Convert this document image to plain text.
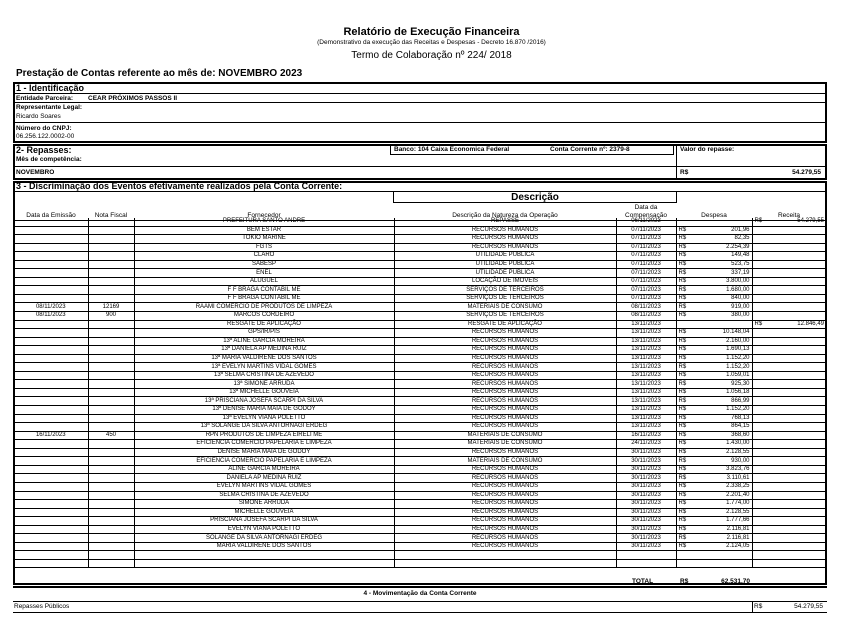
Relatório de Execução Financeira
(Demonstrativo da execução das Receitas e Despesas - Decreto 16.870 /2016)
Termo de Colaboração nº 224/ 2018
Prestação de Contas referente ao mês de: NOVEMBRO 2023
1 - Identificação
Entidade Parceira: CEAR PRÓXIMOS PASSOS II
Representante Legal:
Ricardo Soares
Número do CNPJ:
06.256.122.0002-00
2- Repasses:	Banco: 104 Caixa Economica Federal	Conta Corrente nº: 2379-8	Valor do repasse:
Mês de competência:
NOVEMBRO	R$	54.279,55
3 - Discriminação dos Eventos efetivamente realizados pela Conta Corrente:
Descrição
Data da Emissão	Nota Fiscal	Fornecedor	Descrição da Natureza da Operação
Data da Compensação	Despesa	Receita
		PREFEITURA SANTO ANDRE	REPASSE	06/11/2023		R$ 54.279,55

		BEM ESTAR	RECURSOS HUMANOS	07/11/2023	R$ 201,96	

		TOKIO MARINE	RECURSOS HUMANOS	07/11/2023	R$ 82,35	

		FGTS	RECURSOS HUMANOS	07/11/2023	R$ 2.254,39	

		CLARO	UTILIDADE PUBLICA	07/11/2023	R$ 149,48	

		SABESP	UTILIDADE PUBLICA	07/11/2023	R$ 523,75	

		ENEL	UTILIDADE PUBLICA	07/11/2023	R$ 337,19	

		ALUGUEL	LOCAÇÃO DE IMOVEIS	07/11/2023	R$ 3.800,00	

		F F BRAGA CONTABIL ME	SERVIÇOS DE TERCEIROS	07/11/2023	R$ 1.680,00	

		F F BRAGA CONTABIL ME	SERVIÇOS DE TERCEIROS	07/11/2023	R$ 840,00	

08/11/2023	12169	RAAMI COMERCIO DE PRODUTOS DE LIMPEZA	MATERIAIS DE CONSUMO	08/11/2023	R$ 919,00	

08/11/2023	900	MARCOS CORDEIRO	SERVIÇOS DE TERCEIROS	08/11/2023	R$ 380,00	

		RESGATE DE APLICAÇÃO	RESGATE DE APLICAÇÃO	13/11/2023		R$ 12.846,49

		GPS/IR/PIS	RECURSOS HUMANOS	13/11/2023	R$ 10.148,04	

		13ª ALINE GARCIA MOREIRA	RECURSOS HUMANOS	13/11/2023	R$ 2.160,00	

		13ª DANIELA AP MEDINA RUIZ	RECURSOS HUMANOS	13/11/2023	R$ 1.690,13	

		13ª MARIA VALDIRENE DOS SANTOS	RECURSOS HUMANOS	13/11/2023	R$ 1.152,20	

		13ª EVELYN MARTINS VIDAL GOMES	RECURSOS HUMANOS	13/11/2023	R$ 1.152,20	

		13ª SELMA CRISTINA DE AZEVEDO	RECURSOS HUMANOS	13/11/2023	R$ 1.059,01	

		13ª SIMONE ARRUDA	RECURSOS HUMANOS	13/11/2023	R$ 925,30	

		13ª MICHELLE GOUVEIA	RECURSOS HUMANOS	13/11/2023	R$ 1.056,18	

		13ª PRISCIANA JOSEFA SCARPI DA SILVA	RECURSOS HUMANOS	13/11/2023	R$ 866,99	

		13ª DENISE MARIA MAIA DE GODOY	RECURSOS HUMANOS	13/11/2023	R$ 1.152,20	

		13ª EVELYN VIANA POLETTO	RECURSOS HUMANOS	13/11/2023	R$ 768,13	

		13ª SOLANGE DA SILVA ANTORNAGI ERDEG	RECURSOS HUMANOS	13/11/2023	R$ 864,15	

16/11/2023	450	RPN PRODUTOS DE LIMPEZA EIRELI ME	MATERIAIS DE CONSUMO	16/11/2023	R$ 368,60	

		EFICIENCIA COMERCIO PAPELARIA E LIMPEZA	MATERIAIS DE CONSUMO	24/11/2023	R$ 1.430,00	

		DENISE MARIA MAIA DE GODOY	RECURSOS HUMANOS	30/11/2023	R$ 2.128,55	

		EFICIENCIA COMERCIO PAPELARIA E LIMPEZA	MATERIAIS DE CONSUMO	30/11/2023	R$ 930,00	

		ALINE GARCIA MOREIRA	RECURSOS HUMANOS	30/11/2023	R$ 3.823,76	

		DANIELA AP MEDINA RUIZ	RECURSOS HUMANOS	30/11/2023	R$ 3.110,61	

		EVELYN MARTINS VIDAL GOMES	RECURSOS HUMANOS	30/11/2023	R$ 2.338,25	

		SELMA CRISTINA DE AZEVEDO	RECURSOS HUMANOS	30/11/2023	R$ 2.201,40	

		SIMONE ARRUDA	RECURSOS HUMANOS	30/11/2023	R$ 1.774,00	

		MICHELLE GOUVEIA	RECURSOS HUMANOS	30/11/2023	R$ 2.128,55	

		PRISCIANA JOSEFA SCARPI DA SILVA	RECURSOS HUMANOS	30/11/2023	R$ 1.777,66	

		EVELYN VIANA POLETTO	RECURSOS HUMANOS	30/11/2023	R$ 2.116,81	

		SOLANGE DA SILVA ANTORNAGI ERDEG	RECURSOS HUMANOS	30/11/2023	R$ 2.116,81	

		MARIA VALDIRENE DOS SANTOS	RECURSOS HUMANOS	30/11/2023	R$ 2.124,05	

TOTAL	R$	62.531,70
4 - Movimentação da Conta Corrente
Repasses Públicos	R$	54.279,55
